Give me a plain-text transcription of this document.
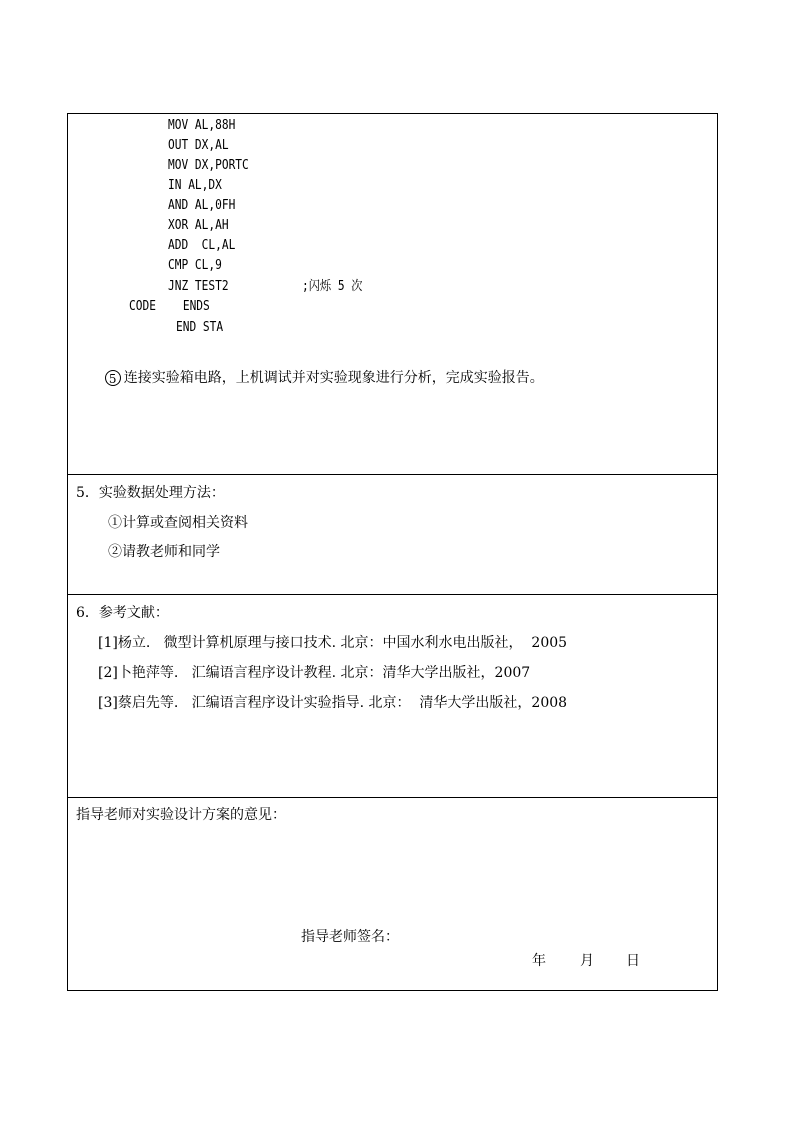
MOV AL,88H
OUT DX,AL
MOV DX,PORTC
IN AL,DX
AND AL,0FH
XOR AL,AH
ADD  CL,AL
CMP CL,9
JNZ TEST2	;闪烁 5 次
CODE    ENDS
END STA

5 连接实验箱电路，上机调试并对实验现象进行分析，完成实验报告。

5．实验数据处理方法：
①计算或查阅相关资料
②请教老师和同学
6．参考文献：
[1]杨立.   微型计算机原理与接口技术. 北京：中国水利水电出版社，  2005
[2]卜艳萍等.   汇编语言程序设计教程. 北京：清华大学出版社，2007
[3]蔡启先等.   汇编语言程序设计实验指导. 北京：  清华大学出版社，2008
指导老师对实验设计方案的意见：
指导老师签名：
年 月 日
